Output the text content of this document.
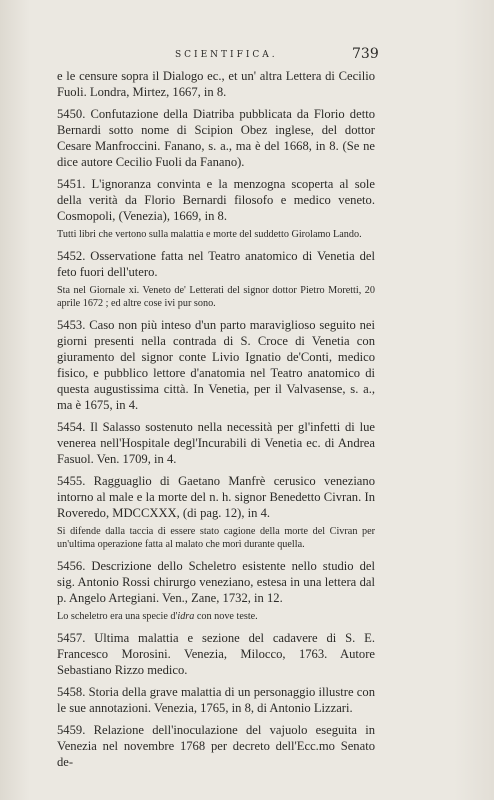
SCIENTIFICA.	739

e le censure sopra il Dialogo ec., et un' altra Lettera di Cecilio Fuoli. Londra, Mirtez, 1667, in 8.

5450. Confutazione della Diatriba pubblicata da Florio detto Bernardi sotto nome di Scipion Obez inglese, del dottor Cesare Manfroccini. Fanano, s. a., ma è del 1668, in 8. (Se ne dice autore Cecilio Fuoli da Fanano).

5451. L'ignoranza convinta e la menzogna scoperta al sole della verità da Florio Bernardi filosofo e medico veneto. Cosmopoli, (Venezia), 1669, in 8.

Tutti libri che vertono sulla malattia e morte del suddetto Girolamo Lando.

5452. Osservatione fatta nel Teatro anatomico di Venetia del feto fuori dell'utero.

Sta nel Giornale xi. Veneto de' Letterati del signor dottor Pietro Moretti, 20 aprile 1672 ; ed altre cose ivi pur sono.

5453. Caso non più inteso d'un parto maraviglioso seguito nei giorni presenti nella contrada di S. Croce di Venetia con giuramento del signor conte Livio Ignatio de'Conti, medico fisico, e pubblico lettore d'anatomia nel Teatro anatomico di questa augustissima città. In Venetia, per il Valvasense, s. a., ma è 1675, in 4.

5454. Il Salasso sostenuto nella necessità per gl'infetti di lue venerea nell'Hospitale degl'Incurabili di Venetia ec. di Andrea Fasuol. Ven. 1709, in 4.

5455. Ragguaglio di Gaetano Manfrè cerusico veneziano intorno al male e la morte del n. h. signor Benedetto Civran. In Roveredo, MDCCXXX, (di pag. 12), in 4.

Si difende dalla taccia di essere stato cagione della morte del Civran per un'ultima operazione fatta al malato che morì durante quella.

5456. Descrizione dello Scheletro esistente nello studio del sig. Antonio Rossi chirurgo veneziano, estesa in una lettera dal p. Angelo Artegiani. Ven., Zane, 1732, in 12.

Lo scheletro era una specie d'idra con nove teste.

5457. Ultima malattia e sezione del cadavere di S. E. Francesco Morosini. Venezia, Milocco, 1763. Autore Sebastiano Rizzo medico.

5458. Storia della grave malattia di un personaggio illustre con le sue annotazioni. Venezia, 1765, in 8, di Antonio Lizzari.

5459. Relazione dell'inoculazione del vajuolo eseguita in Venezia nel novembre 1768 per decreto dell'Ecc.mo Senato de-
